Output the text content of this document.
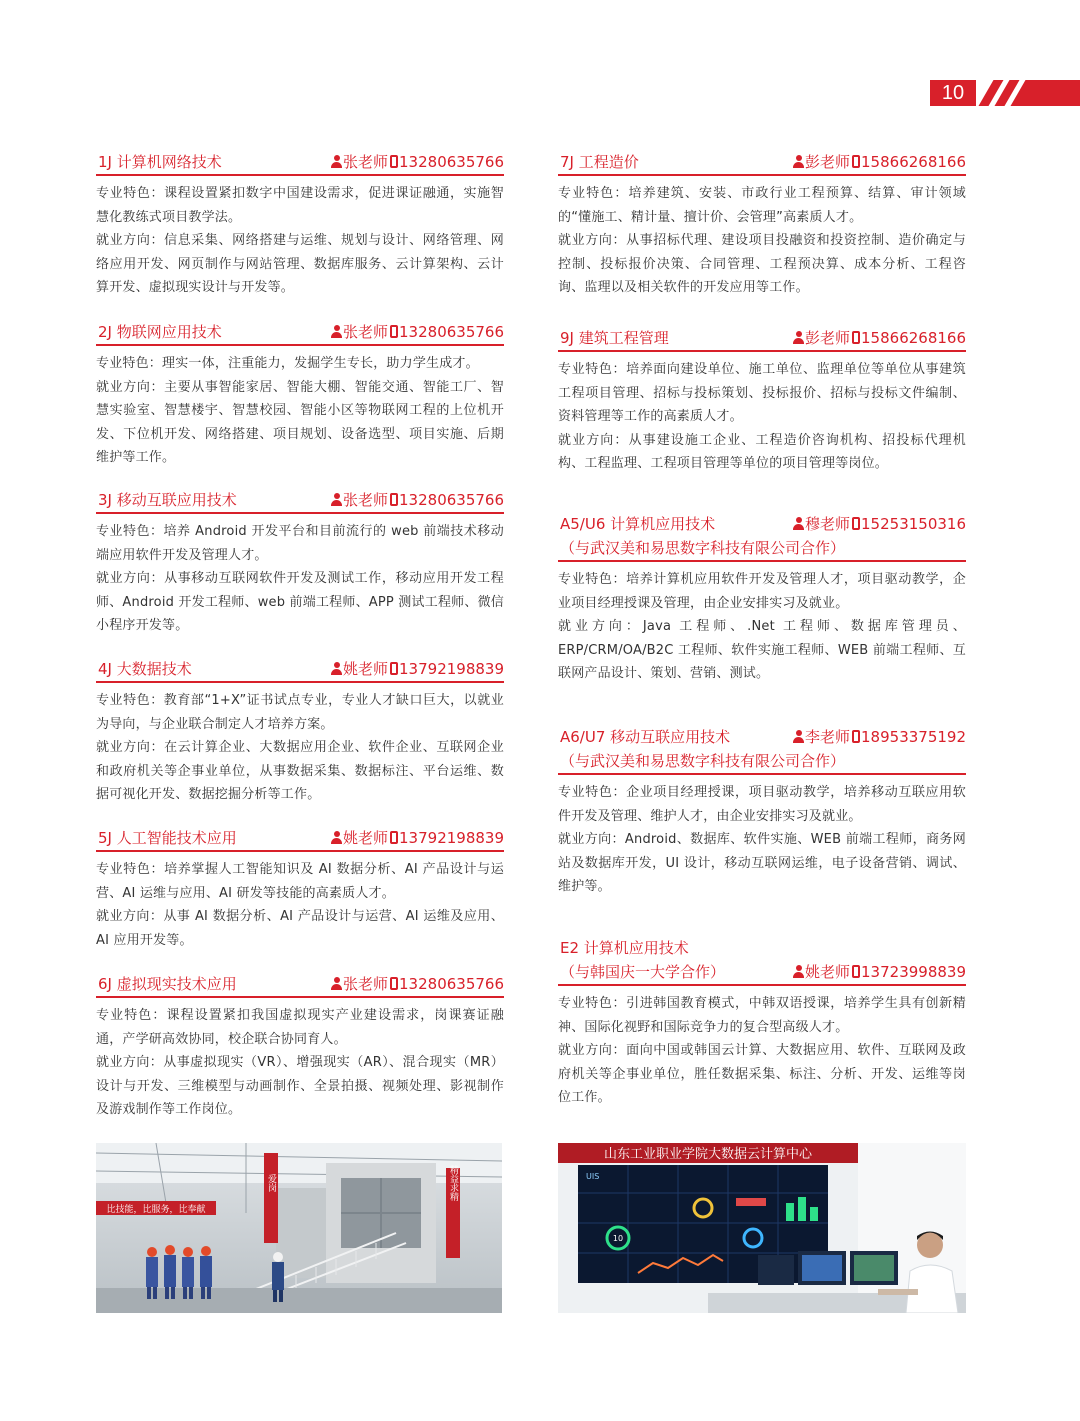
10
1J 计算机网络技术	张老师 13280635766

专业特色：课程设置紧扣数字中国建设需求，促进课证融通，实施智慧化教练式项目教学法。

就业方向：信息采集、网络搭建与运维、规划与设计、网络管理、网络应用开发、网页制作与网站管理、数据库服务、云计算架构、云计算开发、虚拟现实设计与开发等。

2J 物联网应用技术	张老师 13280635766

专业特色：理实一体，注重能力，发掘学生专长，助力学生成才。

就业方向：主要从事智能家居、智能大棚、智能交通、智能工厂、智慧实验室、智慧楼宇、智慧校园、智能小区等物联网工程的上位机开发、下位机开发、网络搭建、项目规划、设备选型、项目实施、后期维护等工作。

3J 移动互联应用技术	张老师 13280635766

专业特色：培养 Android 开发平台和目前流行的 web 前端技术移动端应用软件开发及管理人才。

就业方向：从事移动互联网软件开发及测试工作，移动应用开发工程师、Android 开发工程师、web 前端工程师、APP 测试工程师、微信小程序开发等。

4J 大数据技术	姚老师 13792198839

专业特色：教育部“1+X”证书试点专业，专业人才缺口巨大，以就业为导向，与企业联合制定人才培养方案。

就业方向：在云计算企业、大数据应用企业、软件企业、互联网企业和政府机关等企事业单位，从事数据采集、数据标注、平台运维、数据可视化开发、数据挖掘分析等工作。

5J 人工智能技术应用	姚老师 13792198839

专业特色：培养掌握人工智能知识及 AI 数据分析、AI 产品设计与运营、AI 运维与应用、AI 研发等技能的高素质人才。

就业方向：从事 AI 数据分析、AI 产品设计与运营、AI 运维及应用、AI 应用开发等。

6J 虚拟现实技术应用	张老师 13280635766

专业特色：课程设置紧扣我国虚拟现实产业建设需求，岗课赛证融通，产学研高效协同，校企联合协同育人。

就业方向：从事虚拟现实（VR）、增强现实（AR）、混合现实（MR）设计与开发、三维模型与动画制作、全景拍摄、视频处理、影视制作及游戏制作等工作岗位。

7J 工程造价	彭老师 15866268166

专业特色：培养建筑、安装、市政行业工程预算、结算、审计领域的“懂施工、精计量、擅计价、会管理”高素质人才。

就业方向：从事招标代理、建设项目投融资和投资控制、造价确定与控制、投标报价决策、合同管理、工程预决算、成本分析、工程咨询、监理以及相关软件的开发应用等工作。

9J 建筑工程管理	彭老师 15866268166

专业特色：培养面向建设单位、施工单位、监理单位等单位从事建筑工程项目管理、招标与投标策划、投标报价、招标与投标文件编制、资料管理等工作的高素质人才。

就业方向：从事建设施工企业、工程造价咨询机构、招投标代理机构、工程监理、工程项目管理等单位的项目管理等岗位。

A5/U6 计算机应用技术	穆老师 15253150316
（与武汉美和易思数字科技有限公司合作）

专业特色：培养计算机应用软件开发及管理人才，项目驱动教学，企业项目经理授课及管理，由企业安排实习及就业。

就业方向：Java 工程师、.Net 工程师、数据库管理员、ERP/CRM/OA/B2C 工程师、软件实施工程师、WEB 前端工程师、互联网产品设计、策划、营销、测试。

A6/U7 移动互联应用技术	李老师 18953375192
（与武汉美和易思数字科技有限公司合作）

专业特色：企业项目经理授课，项目驱动教学，培养移动互联应用软件开发及管理、维护人才，由企业安排实习及就业。

就业方向：Android、数据库、软件实施、WEB 前端工程师，商务网站及数据库开发，UI 设计，移动互联网运维，电子设备营销、调试、维护等。

E2 计算机应用技术
（与韩国庆一大学合作）	姚老师 13723998839

专业特色：引进韩国教育模式，中韩双语授课，培养学生具有创新精神、国际化视野和国际竞争力的复合型高级人才。

就业方向：面向中国或韩国云计算、大数据应用、软件、互联网及政府机关等企事业单位，胜任数据采集、标注、分析、开发、运维等岗位工作。

比技能，比服务，比奉献
爱岗	精益求精
山东工业职业学院大数据云计算中心
UIS
10
